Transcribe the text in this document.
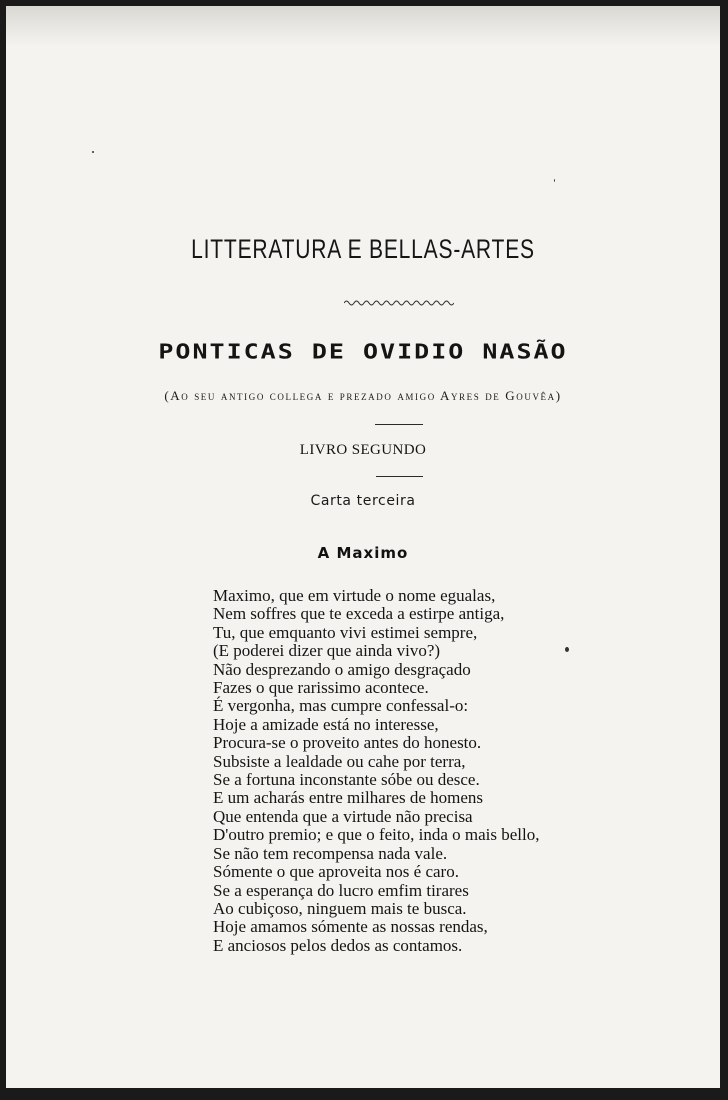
LITTERATURA E BELLAS-ARTES
PONTICAS DE OVIDIO NASÃO
(Ao seu antigo collega e prezado amigo Ayres de Gouvêa)
LIVRO SEGUNDO
Carta terceira
A Maximo
Maximo, que em virtude o nome egualas,
Nem soffres que te exceda a estirpe antiga,
Tu, que emquanto vivi estimei sempre,
(E poderei dizer que ainda vivo?)
Não desprezando o amigo desgraçado
Fazes o que rarissimo acontece.
É vergonha, mas cumpre confessal-o:
Hoje a amizade está no interesse,
Procura-se o proveito antes do honesto.
Subsiste a lealdade ou cahe por terra,
Se a fortuna inconstante sóbe ou desce.
E um acharás entre milhares de homens
Que entenda que a virtude não precisa
D'outro premio; e que o feito, inda o mais bello,
Se não tem recompensa nada vale.
Sómente o que aproveita nos é caro.
Se a esperança do lucro emfim tirares
Ao cubiçoso, ninguem mais te busca.
Hoje amamos sómente as nossas rendas,
E anciosos pelos dedos as contamos.
